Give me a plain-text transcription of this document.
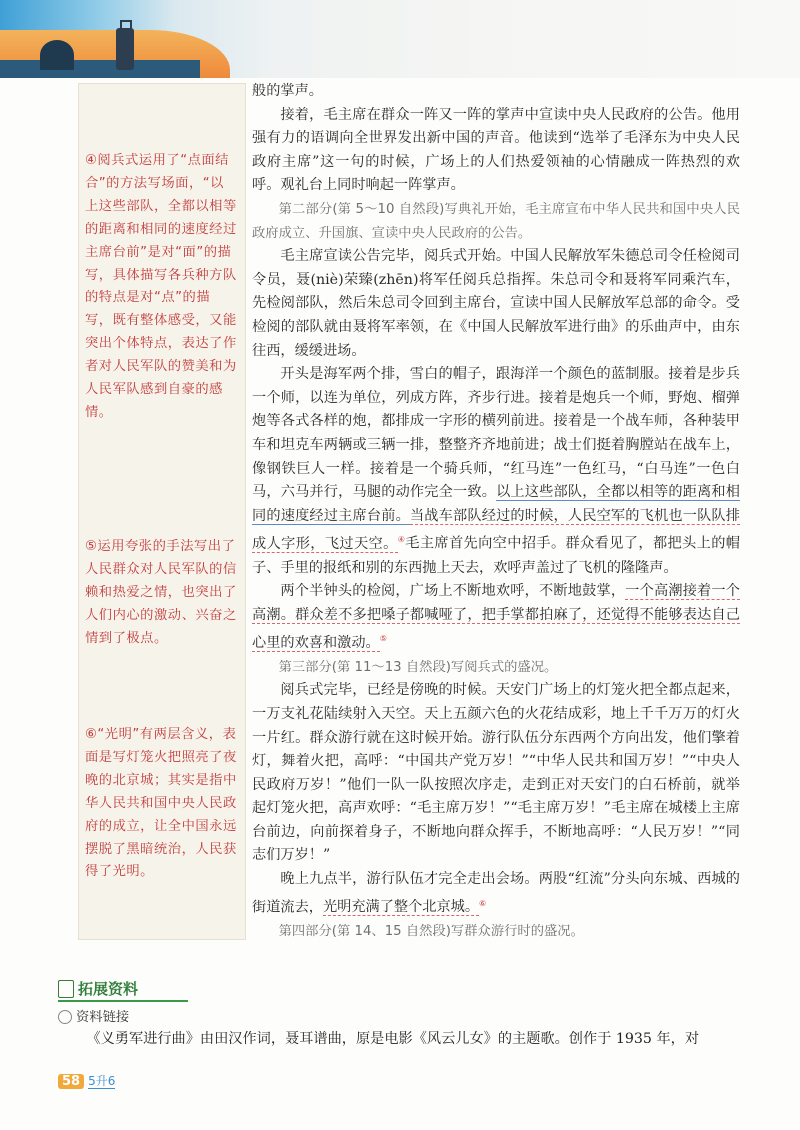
④阅兵式运用了“点面结合”的方法写场面，“以上这些部队，全都以相等的距离和相同的速度经过主席台前”是对“面”的描写，具体描写各兵种方队的特点是对“点”的描写，既有整体感受，又能突出个体特点，表达了作者对人民军队的赞美和为人民军队感到自豪的感情。

⑤运用夸张的手法写出了人民群众对人民军队的信赖和热爱之情，也突出了人们内心的激动、兴奋之情到了极点。

⑥“光明”有两层含义，表面是写灯笼火把照亮了夜晚的北京城；其实是指中华人民共和国中央人民政府的成立，让全中国永远摆脱了黑暗统治，人民获得了光明。

般的掌声。

接着，毛主席在群众一阵又一阵的掌声中宣读中央人民政府的公告。他用强有力的语调向全世界发出新中国的声音。他读到“选举了毛泽东为中央人民政府主席”这一句的时候，广场上的人们热爱领袖的心情融成一阵热烈的欢呼。观礼台上同时响起一阵掌声。

第二部分(第 5～10 自然段)写典礼开始，毛主席宣布中华人民共和国中央人民政府成立、升国旗、宣读中央人民政府的公告。

毛主席宣读公告完毕，阅兵式开始。中国人民解放军朱德总司令任检阅司令员，聂(niè)荣臻(zhēn)将军任阅兵总指挥。朱总司令和聂将军同乘汽车，先检阅部队，然后朱总司令回到主席台，宣读中国人民解放军总部的命令。受检阅的部队就由聂将军率领，在《中国人民解放军进行曲》的乐曲声中，由东往西，缓缓进场。

开头是海军两个排，雪白的帽子，跟海洋一个颜色的蓝制服。接着是步兵一个师，以连为单位，列成方阵，齐步行进。接着是炮兵一个师，野炮、榴弹炮等各式各样的炮，都排成一字形的横列前进。接着是一个战车师，各种装甲车和坦克车两辆或三辆一排，整整齐齐地前进；战士们挺着胸膛站在战车上，像钢铁巨人一样。接着是一个骑兵师，“红马连”一色红马，“白马连”一色白马，六马并行，马腿的动作完全一致。以上这些部队，全都以相等的距离和相同的速度经过主席台前。当战车部队经过的时候，人民空军的飞机也一队队排成人字形，飞过天空。④毛主席首先向空中招手。群众看见了，都把头上的帽子、手里的报纸和别的东西抛上天去，欢呼声盖过了飞机的隆隆声。

两个半钟头的检阅，广场上不断地欢呼，不断地鼓掌，一个高潮接着一个高潮。群众差不多把嗓子都喊哑了，把手掌都拍麻了，还觉得不能够表达自己心里的欢喜和激动。⑤

第三部分(第 11～13 自然段)写阅兵式的盛况。

阅兵式完毕，已经是傍晚的时候。天安门广场上的灯笼火把全都点起来，一万支礼花陆续射入天空。天上五颜六色的火花结成彩，地上千千万万的灯火一片红。群众游行就在这时候开始。游行队伍分东西两个方向出发，他们擎着灯，舞着火把，高呼：“中国共产党万岁！”“中华人民共和国万岁！”“中央人民政府万岁！”他们一队一队按照次序走，走到正对天安门的白石桥前，就举起灯笼火把，高声欢呼：“毛主席万岁！”“毛主席万岁！”毛主席在城楼上主席台前边，向前探着身子，不断地向群众挥手，不断地高呼：“人民万岁！”“同志们万岁！”

晚上九点半，游行队伍才完全走出会场。两股“红流”分头向东城、西城的街道流去，光明充满了整个北京城。⑥

第四部分(第 14、15 自然段)写群众游行时的盛况。

拓展资料
资料链接
《义勇军进行曲》由田汉作词，聂耳谱曲，原是电影《风云儿女》的主题歌。创作于 1935 年，对
58 5升6
